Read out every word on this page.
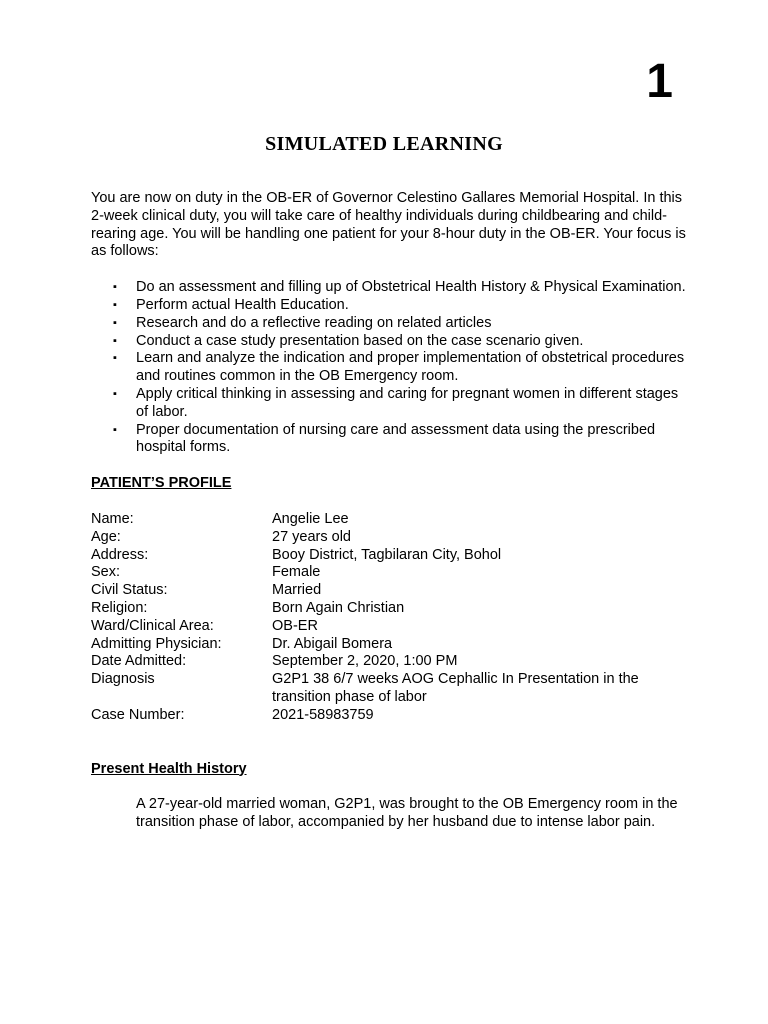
1
SIMULATED LEARNING

You are now on duty in the OB-ER of Governor Celestino Gallares Memorial Hospital. In this 2-week clinical duty, you will take care of healthy individuals during childbearing and child-rearing age. You will be handling one patient for your 8-hour duty in the OB-ER. Your focus is as follows:

▪ Do an assessment and filling up of Obstetrical Health History & Physical Examination.
▪ Perform actual Health Education.
▪ Research and do a reflective reading on related articles
▪ Conduct a case study presentation based on the case scenario given.
▪ Learn and analyze the indication and proper implementation of obstetrical procedures and routines common in the OB Emergency room.
▪ Apply critical thinking in assessing and caring for pregnant women in different stages of labor.
▪ Proper documentation of nursing care and assessment data using the prescribed hospital forms.
PATIENT’S PROFILE
Name:	Angelie Lee
Age:	27 years old
Address:	Booy District, Tagbilaran City, Bohol
Sex:	Female
Civil Status:	Married
Religion:	Born Again Christian
Ward/Clinical Area:	OB-ER
Admitting Physician:	Dr. Abigail Bomera
Date Admitted:	September 2, 2020, 1:00 PM
Diagnosis	G2P1 38 6/7 weeks AOG Cephallic In Presentation in the transition phase of labor
Case Number:	2021-58983759
Present Health History

A 27-year-old married woman, G2P1, was brought to the OB Emergency room in the transition phase of labor, accompanied by her husband due to intense labor pain.
